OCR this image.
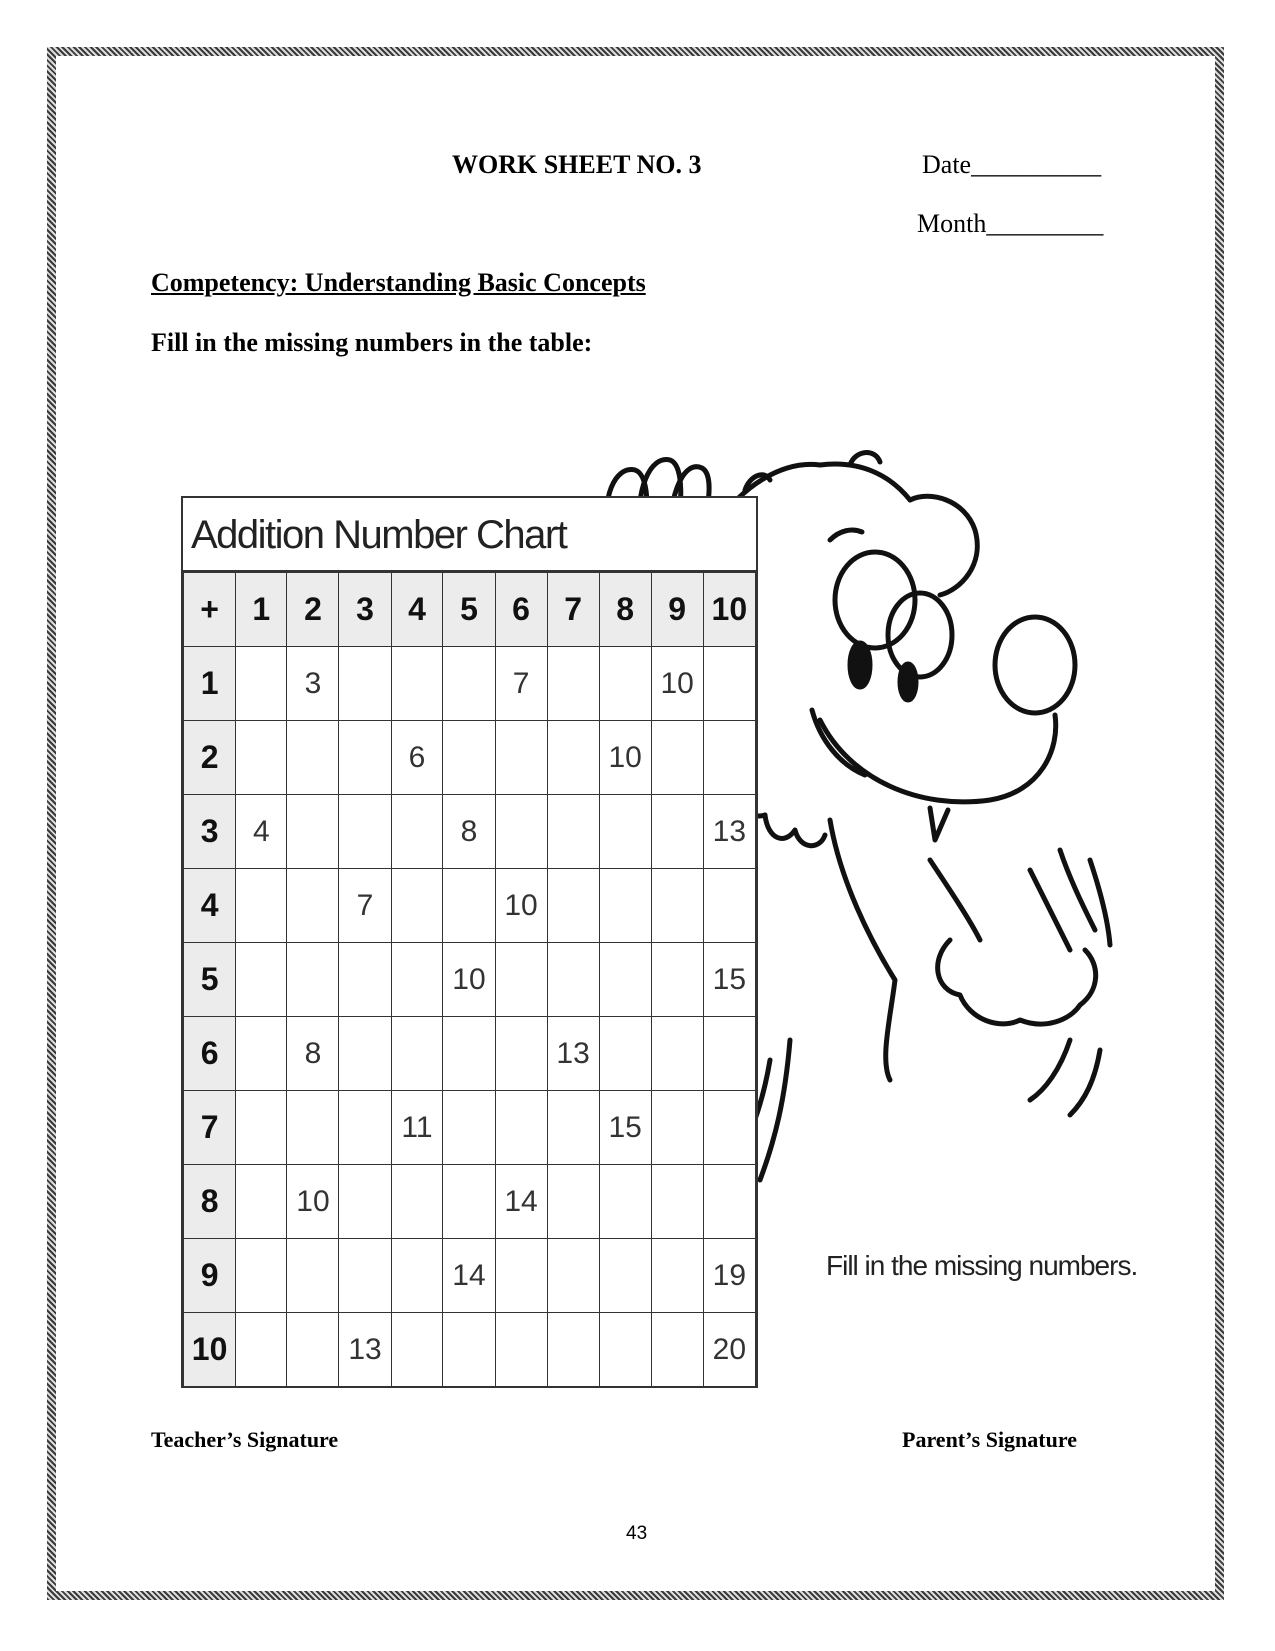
WORK SHEET NO. 3	Date__________
Month_________
Competency: Understanding Basic Concepts
Fill in the missing numbers in the table:
Addition Number Chart
+	1	2	3	4	5	6	7	8	9	10
1		3				7			10	
2				6				10		
3	4				8					13
4			7			10				
5					10					15
6		8					13			
7				11				15		
8		10				14				
9					14					19
10			13							20
Fill in the missing numbers.
Teacher’s Signature	Parent’s Signature
43
